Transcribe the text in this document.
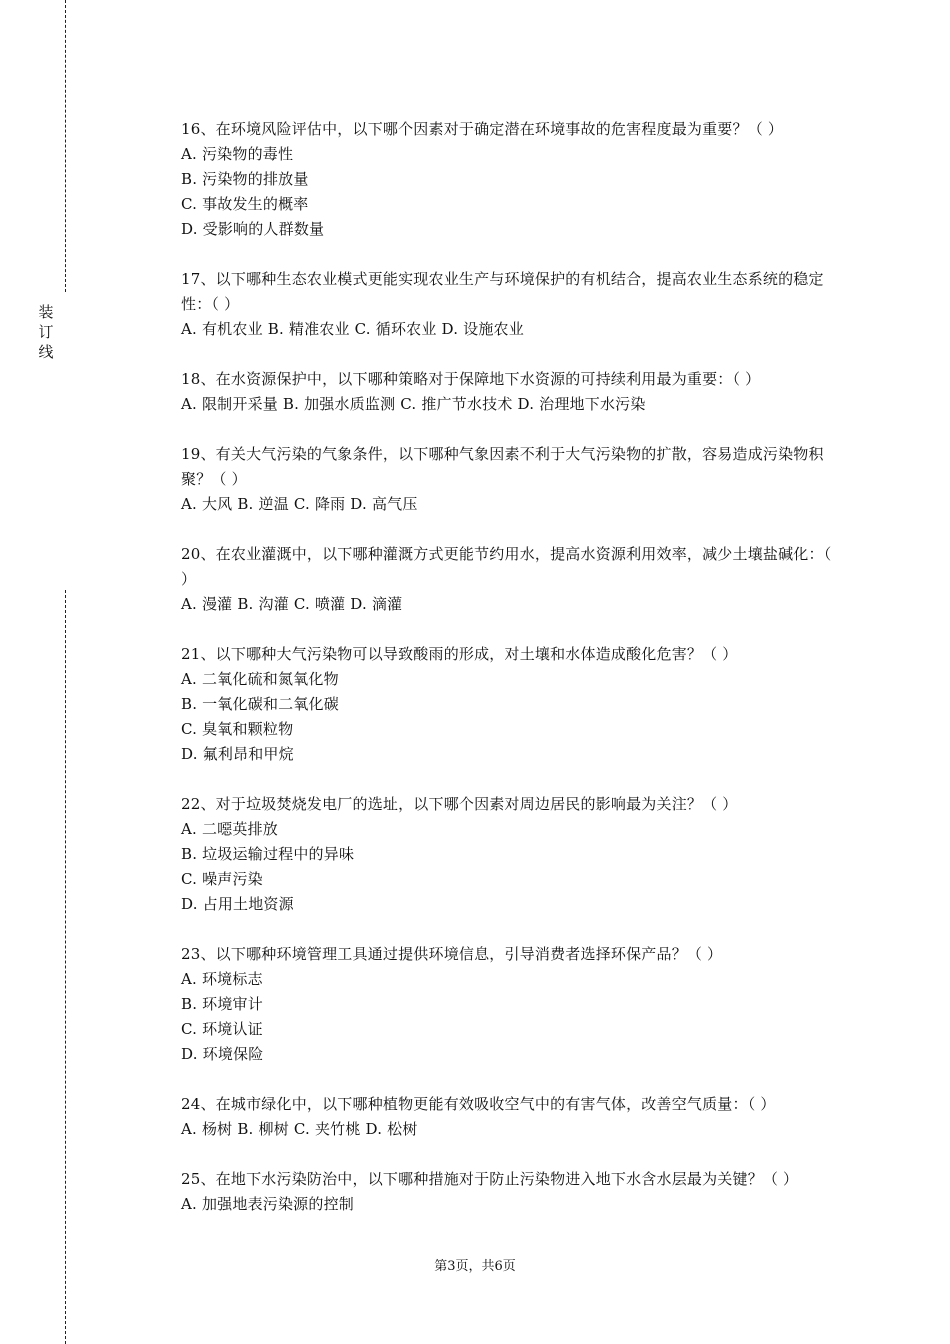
装
订
线
16、在环境风险评估中，以下哪个因素对于确定潜在环境事故的危害程度最为重要？（ ）
A. 污染物的毒性
B. 污染物的排放量
C. 事故发生的概率
D. 受影响的人群数量
17、以下哪种生态农业模式更能实现农业生产与环境保护的有机结合，提高农业生态系统的稳定性：（ ）
A. 有机农业 B. 精准农业 C. 循环农业 D. 设施农业
18、在水资源保护中，以下哪种策略对于保障地下水资源的可持续利用最为重要：（ ）
A. 限制开采量 B. 加强水质监测 C. 推广节水技术 D. 治理地下水污染
19、有关大气污染的气象条件，以下哪种气象因素不利于大气污染物的扩散，容易造成污染物积聚？（ ）
A. 大风 B. 逆温 C. 降雨 D. 高气压
20、在农业灌溉中，以下哪种灌溉方式更能节约用水，提高水资源利用效率，减少土壤盐碱化：（ ）
A. 漫灌 B. 沟灌 C. 喷灌 D. 滴灌
21、以下哪种大气污染物可以导致酸雨的形成，对土壤和水体造成酸化危害？（ ）
A. 二氧化硫和氮氧化物
B. 一氧化碳和二氧化碳
C. 臭氧和颗粒物
D. 氟利昂和甲烷
22、对于垃圾焚烧发电厂的选址，以下哪个因素对周边居民的影响最为关注？（ ）
A. 二噁英排放
B. 垃圾运输过程中的异味
C. 噪声污染
D. 占用土地资源
23、以下哪种环境管理工具通过提供环境信息，引导消费者选择环保产品？（ ）
A. 环境标志
B. 环境审计
C. 环境认证
D. 环境保险
24、在城市绿化中，以下哪种植物更能有效吸收空气中的有害气体，改善空气质量：（ ）
A. 杨树 B. 柳树 C. 夹竹桃 D. 松树
25、在地下水污染防治中，以下哪种措施对于防止污染物进入地下水含水层最为关键？（ ）
A. 加强地表污染源的控制
第3页，共6页
